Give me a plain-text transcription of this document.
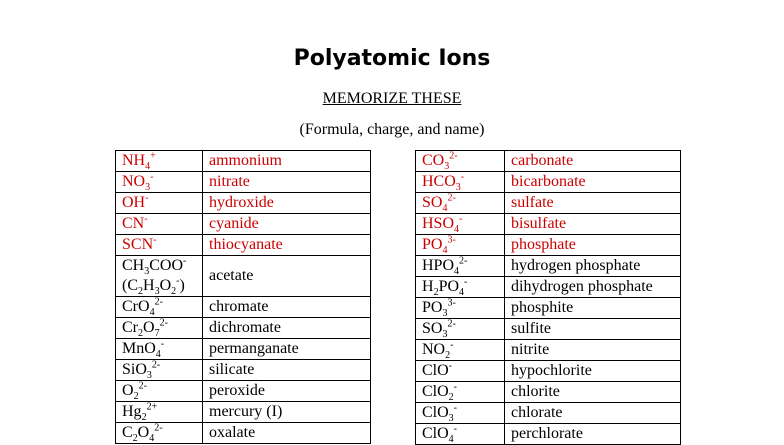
Polyatomic Ions
MEMORIZE THESE
(Formula, charge, and name)
$NH_4^+$	ammonium
$NO_3^-$	nitrate
OH-	hydroxide
CN-	cyanide
SCN-	thiocyanate

$CH_3COO^-$
$(C_2H_3O_2^-)$	acetate

CrO$_4^{2-}$	chromate
$Cr_2O_7^{2-}$	dichromate
MnO$_4$-	permanganate
SiO$_3^{2-}$	silicate
$O_2^{2-}$	peroxide
$Hg_2^{2+}$	mercury (I)
$C_2O_4^{2-}$	oxalate
$CO_3^{2-}$	carbonate
$HCO_3^-$	bicarbonate
$SO_4^{2-}$	sulfate
$HSO_4^-$	bisulfate
$PO_4^{3-}$	phosphate
$HPO_4^{2-}$	hydrogen phosphate
$H_2PO_4^-$	dihydrogen phosphate
$PO_3^{3-}$	phosphite
$SO_3^{2-}$	sulfite
$NO_2^-$	nitrite
ClO-	hypochlorite
ClO$_2$-	chlorite
ClO$_3$-	chlorate
ClO$_4$-	perchlorate
